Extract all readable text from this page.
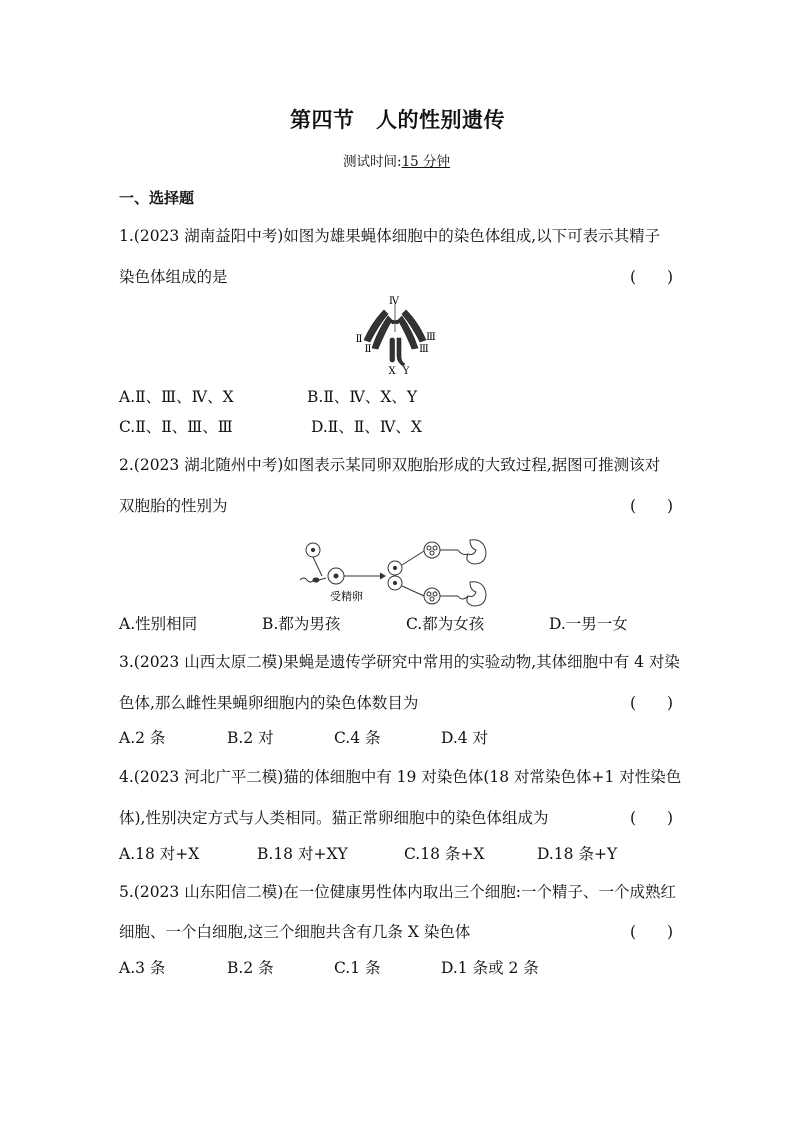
第四节　人的性别遗传
测试时间:15 分钟
一、选择题
1.(2023 湖南益阳中考)如图为雄果蝇体细胞中的染色体组成,以下可表示其精子
染色体组成的是	(　　)
Ⅳ
Ⅱ
Ⅱ
Ⅲ
Ⅲ
X Y
A.Ⅱ、Ⅲ、Ⅳ、X	B.Ⅱ、Ⅳ、X、Y
C.Ⅱ、Ⅱ、Ⅲ、Ⅲ	D.Ⅱ、Ⅱ、Ⅳ、X
2.(2023 湖北随州中考)如图表示某同卵双胞胎形成的大致过程,据图可推测该对
双胞胎的性别为	(　　)
受精卵
A.性别相同	B.都为男孩	C.都为女孩	D.一男一女
3.(2023 山西太原二模)果蝇是遗传学研究中常用的实验动物,其体细胞中有 4 对染
色体,那么雌性果蝇卵细胞内的染色体数目为	(　　)
A.2 条	B.2 对	C.4 条	D.4 对
4.(2023 河北广平二模)猫的体细胞中有 19 对染色体(18 对常染色体+1 对性染色
体),性别决定方式与人类相同。猫正常卵细胞中的染色体组成为	(　　)
A.18 对+X	B.18 对+XY	C.18 条+X	D.18 条+Y
5.(2023 山东阳信二模)在一位健康男性体内取出三个细胞:一个精子、一个成熟红
细胞、一个白细胞,这三个细胞共含有几条 X 染色体	(　　)
A.3 条	B.2 条	C.1 条	D.1 条或 2 条
